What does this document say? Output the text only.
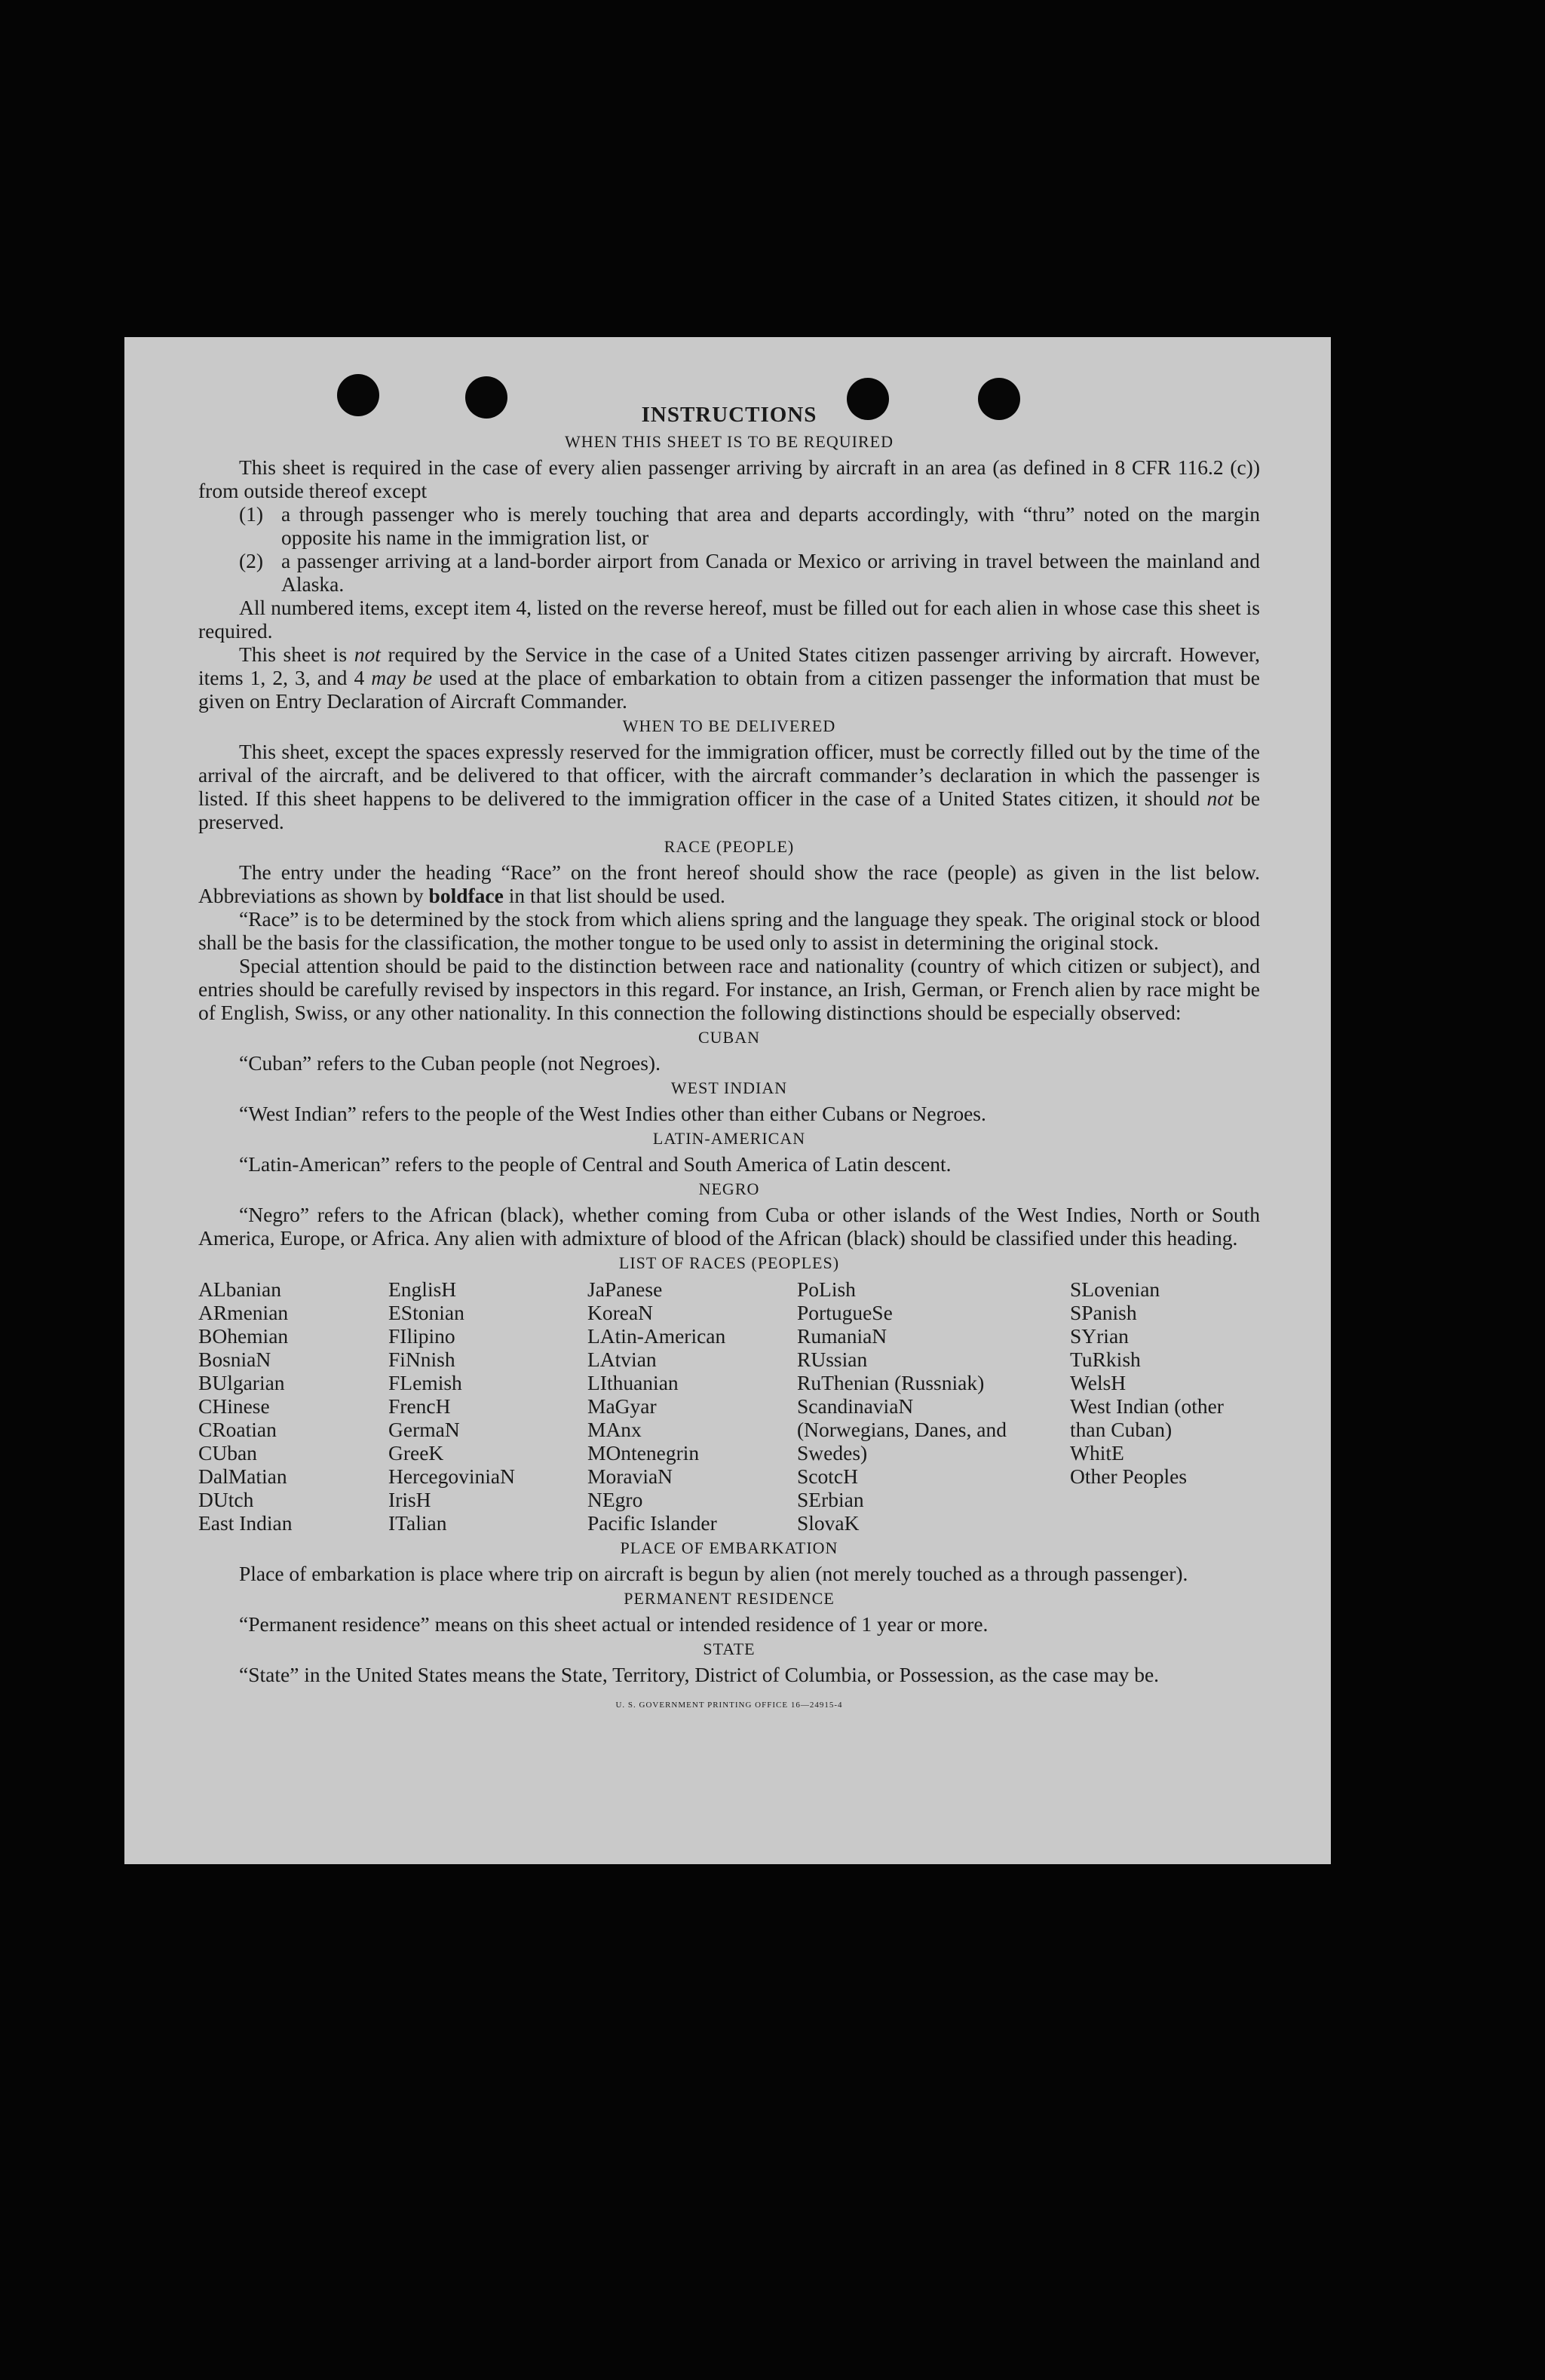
INSTRUCTIONS
WHEN THIS SHEET IS TO BE REQUIRED

This sheet is required in the case of every alien passenger arriving by aircraft in an area (as defined in 8 CFR 116.2 (c)) from outside thereof except

(1) a through passenger who is merely touching that area and departs accordingly, with “thru” noted on the margin opposite his name in the immigration list, or
(2) a passenger arriving at a land-border airport from Canada or Mexico or arriving in travel between the mainland and Alaska.

All numbered items, except item 4, listed on the reverse hereof, must be filled out for each alien in whose case this sheet is required.

This sheet is not required by the Service in the case of a United States citizen passenger arriving by aircraft. However, items 1, 2, 3, and 4 may be used at the place of embarkation to obtain from a citizen passenger the information that must be given on Entry Declaration of Aircraft Commander.

WHEN TO BE DELIVERED

This sheet, except the spaces expressly reserved for the immigration officer, must be correctly filled out by the time of the arrival of the aircraft, and be delivered to that officer, with the aircraft commander’s declaration in which the passenger is listed. If this sheet happens to be delivered to the immigration officer in the case of a United States citizen, it should not be preserved.

RACE (PEOPLE)

The entry under the heading “Race” on the front hereof should show the race (people) as given in the list below. Abbreviations as shown by boldface in that list should be used.

“Race” is to be determined by the stock from which aliens spring and the language they speak. The original stock or blood shall be the basis for the classification, the mother tongue to be used only to assist in determining the original stock.

Special attention should be paid to the distinction between race and nationality (country of which citizen or subject), and entries should be carefully revised by inspectors in this regard. For instance, an Irish, German, or French alien by race might be of English, Swiss, or any other nationality. In this connection the following distinctions should be especially observed:

CUBAN

“Cuban” refers to the Cuban people (not Negroes).

WEST INDIAN

“West Indian” refers to the people of the West Indies other than either Cubans or Negroes.

LATIN-AMERICAN

“Latin-American” refers to the people of Central and South America of Latin descent.

NEGRO

“Negro” refers to the African (black), whether coming from Cuba or other islands of the West Indies, North or South America, Europe, or Africa. Any alien with admixture of blood of the African (black) should be classified under this heading.

LIST OF RACES (PEOPLES)
ALbanian
ARmenian
BOhemian
BosniaN
BUlgarian
CHinese
CRoatian
CUban
DalMatian
DUtch
East Indian
EnglisH
EStonian
FIlipino
FiNnish
FLemish
FrencH
GermaN
GreeK
HercegovinіaN
IrisH
ITalian
JaPanese
KoreaN
LAtin-American
LAtvian
LIthuanian
MaGyar
MAnx
MOntenegrin
MoraviaN
NEgro
Pacific Islander
PoLish
PortugueSe
RumaniaN
RUssian
RuThenian (Russniak)
ScandinaviaN (Norwegians, Danes, and Swedes)
ScotcH
SErbian
SlovaK
SLovenian
SPanish
SYrian
TuRkish
WelsH
West Indian (other than Cuban)
WhitE
Other Peoples
PLACE OF EMBARKATION

Place of embarkation is place where trip on aircraft is begun by alien (not merely touched as a through passenger).

PERMANENT RESIDENCE

“Permanent residence” means on this sheet actual or intended residence of 1 year or more.

STATE

“State” in the United States means the State, Territory, District of Columbia, or Possession, as the case may be.

U. S. GOVERNMENT PRINTING OFFICE 16—24915-4
